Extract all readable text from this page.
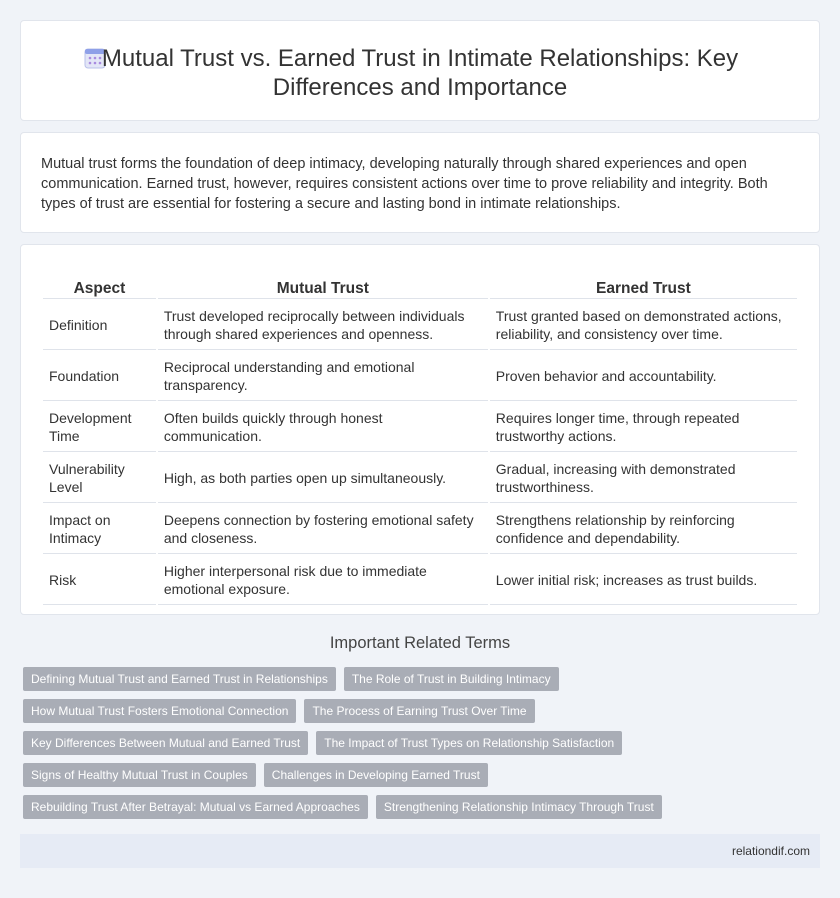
Mutual Trust vs. Earned Trust in Intimate Relationships: Key Differences and Importance

Mutual trust forms the foundation of deep intimacy, developing naturally through shared experiences and open communication. Earned trust, however, requires consistent actions over time to prove reliability and integrity. Both types of trust are essential for fostering a secure and lasting bond in intimate relationships.

Aspect	Mutual Trust	Earned Trust
Definition	Trust developed reciprocally between individuals through shared experiences and openness.	Trust granted based on demonstrated actions, reliability, and consistency over time.
Foundation	Reciprocal understanding and emotional transparency.	Proven behavior and accountability.
Development Time	Often builds quickly through honest communication.	Requires longer time, through repeated trustworthy actions.
Vulnerability Level	High, as both parties open up simultaneously.	Gradual, increasing with demonstrated trustworthiness.
Impact on Intimacy	Deepens connection by fostering emotional safety and closeness.	Strengthens relationship by reinforcing confidence and dependability.
Risk	Higher interpersonal risk due to immediate emotional exposure.	Lower initial risk; increases as trust builds.
Important Related Terms
Defining Mutual Trust and Earned Trust in Relationships	The Role of Trust in Building Intimacy
How Mutual Trust Fosters Emotional Connection	The Process of Earning Trust Over Time
Key Differences Between Mutual and Earned Trust	The Impact of Trust Types on Relationship Satisfaction
Signs of Healthy Mutual Trust in Couples	Challenges in Developing Earned Trust
Rebuilding Trust After Betrayal: Mutual vs Earned Approaches	Strengthening Relationship Intimacy Through Trust
relationdif.com
